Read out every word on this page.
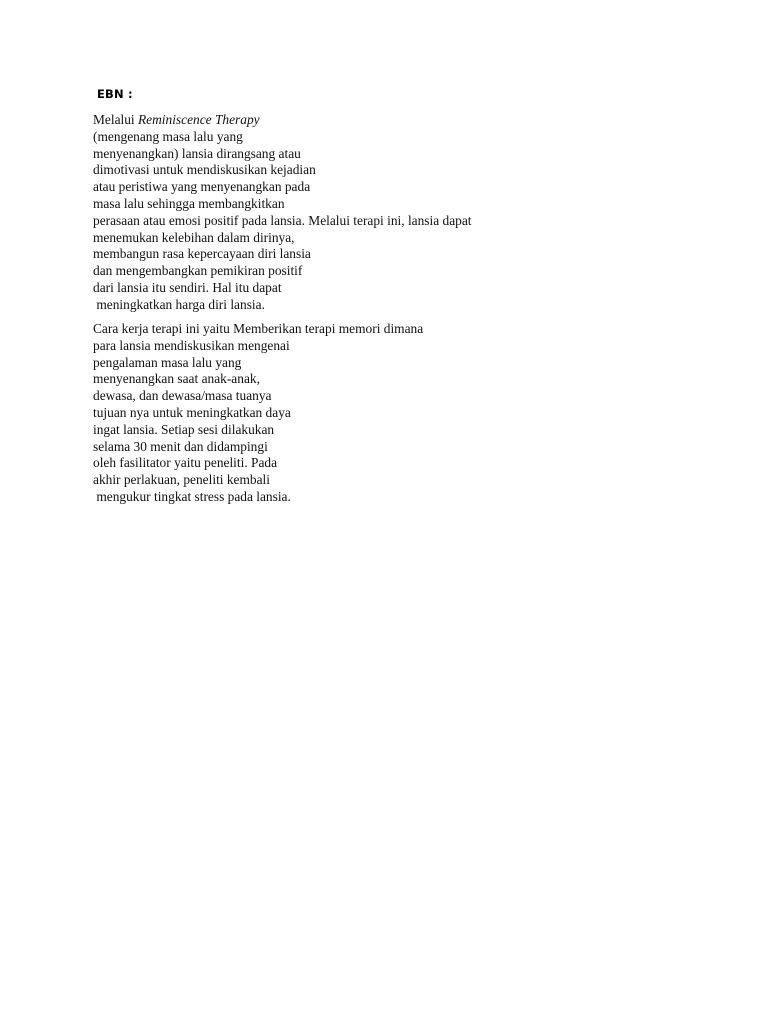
EBN :

Melalui Reminiscence Therapy
(mengenang masa lalu yang
menyenangkan) lansia dirangsang atau
dimotivasi untuk mendiskusikan kejadian
atau peristiwa yang menyenangkan pada
masa lalu sehingga membangkitkan
perasaan atau emosi positif pada lansia. Melalui terapi ini, lansia dapat
menemukan kelebihan dalam dirinya,
membangun rasa kepercayaan diri lansia
dan mengembangkan pemikiran positif
dari lansia itu sendiri. Hal itu dapat
meningkatkan harga diri lansia.

Cara kerja terapi ini yaitu Memberikan terapi memori dimana
para lansia mendiskusikan mengenai
pengalaman masa lalu yang
menyenangkan saat anak-anak,
dewasa, dan dewasa/masa tuanya
tujuan nya untuk meningkatkan daya
ingat lansia. Setiap sesi dilakukan
selama 30 menit dan didampingi
oleh fasilitator yaitu peneliti. Pada
akhir perlakuan, peneliti kembali
mengukur tingkat stress pada lansia.
